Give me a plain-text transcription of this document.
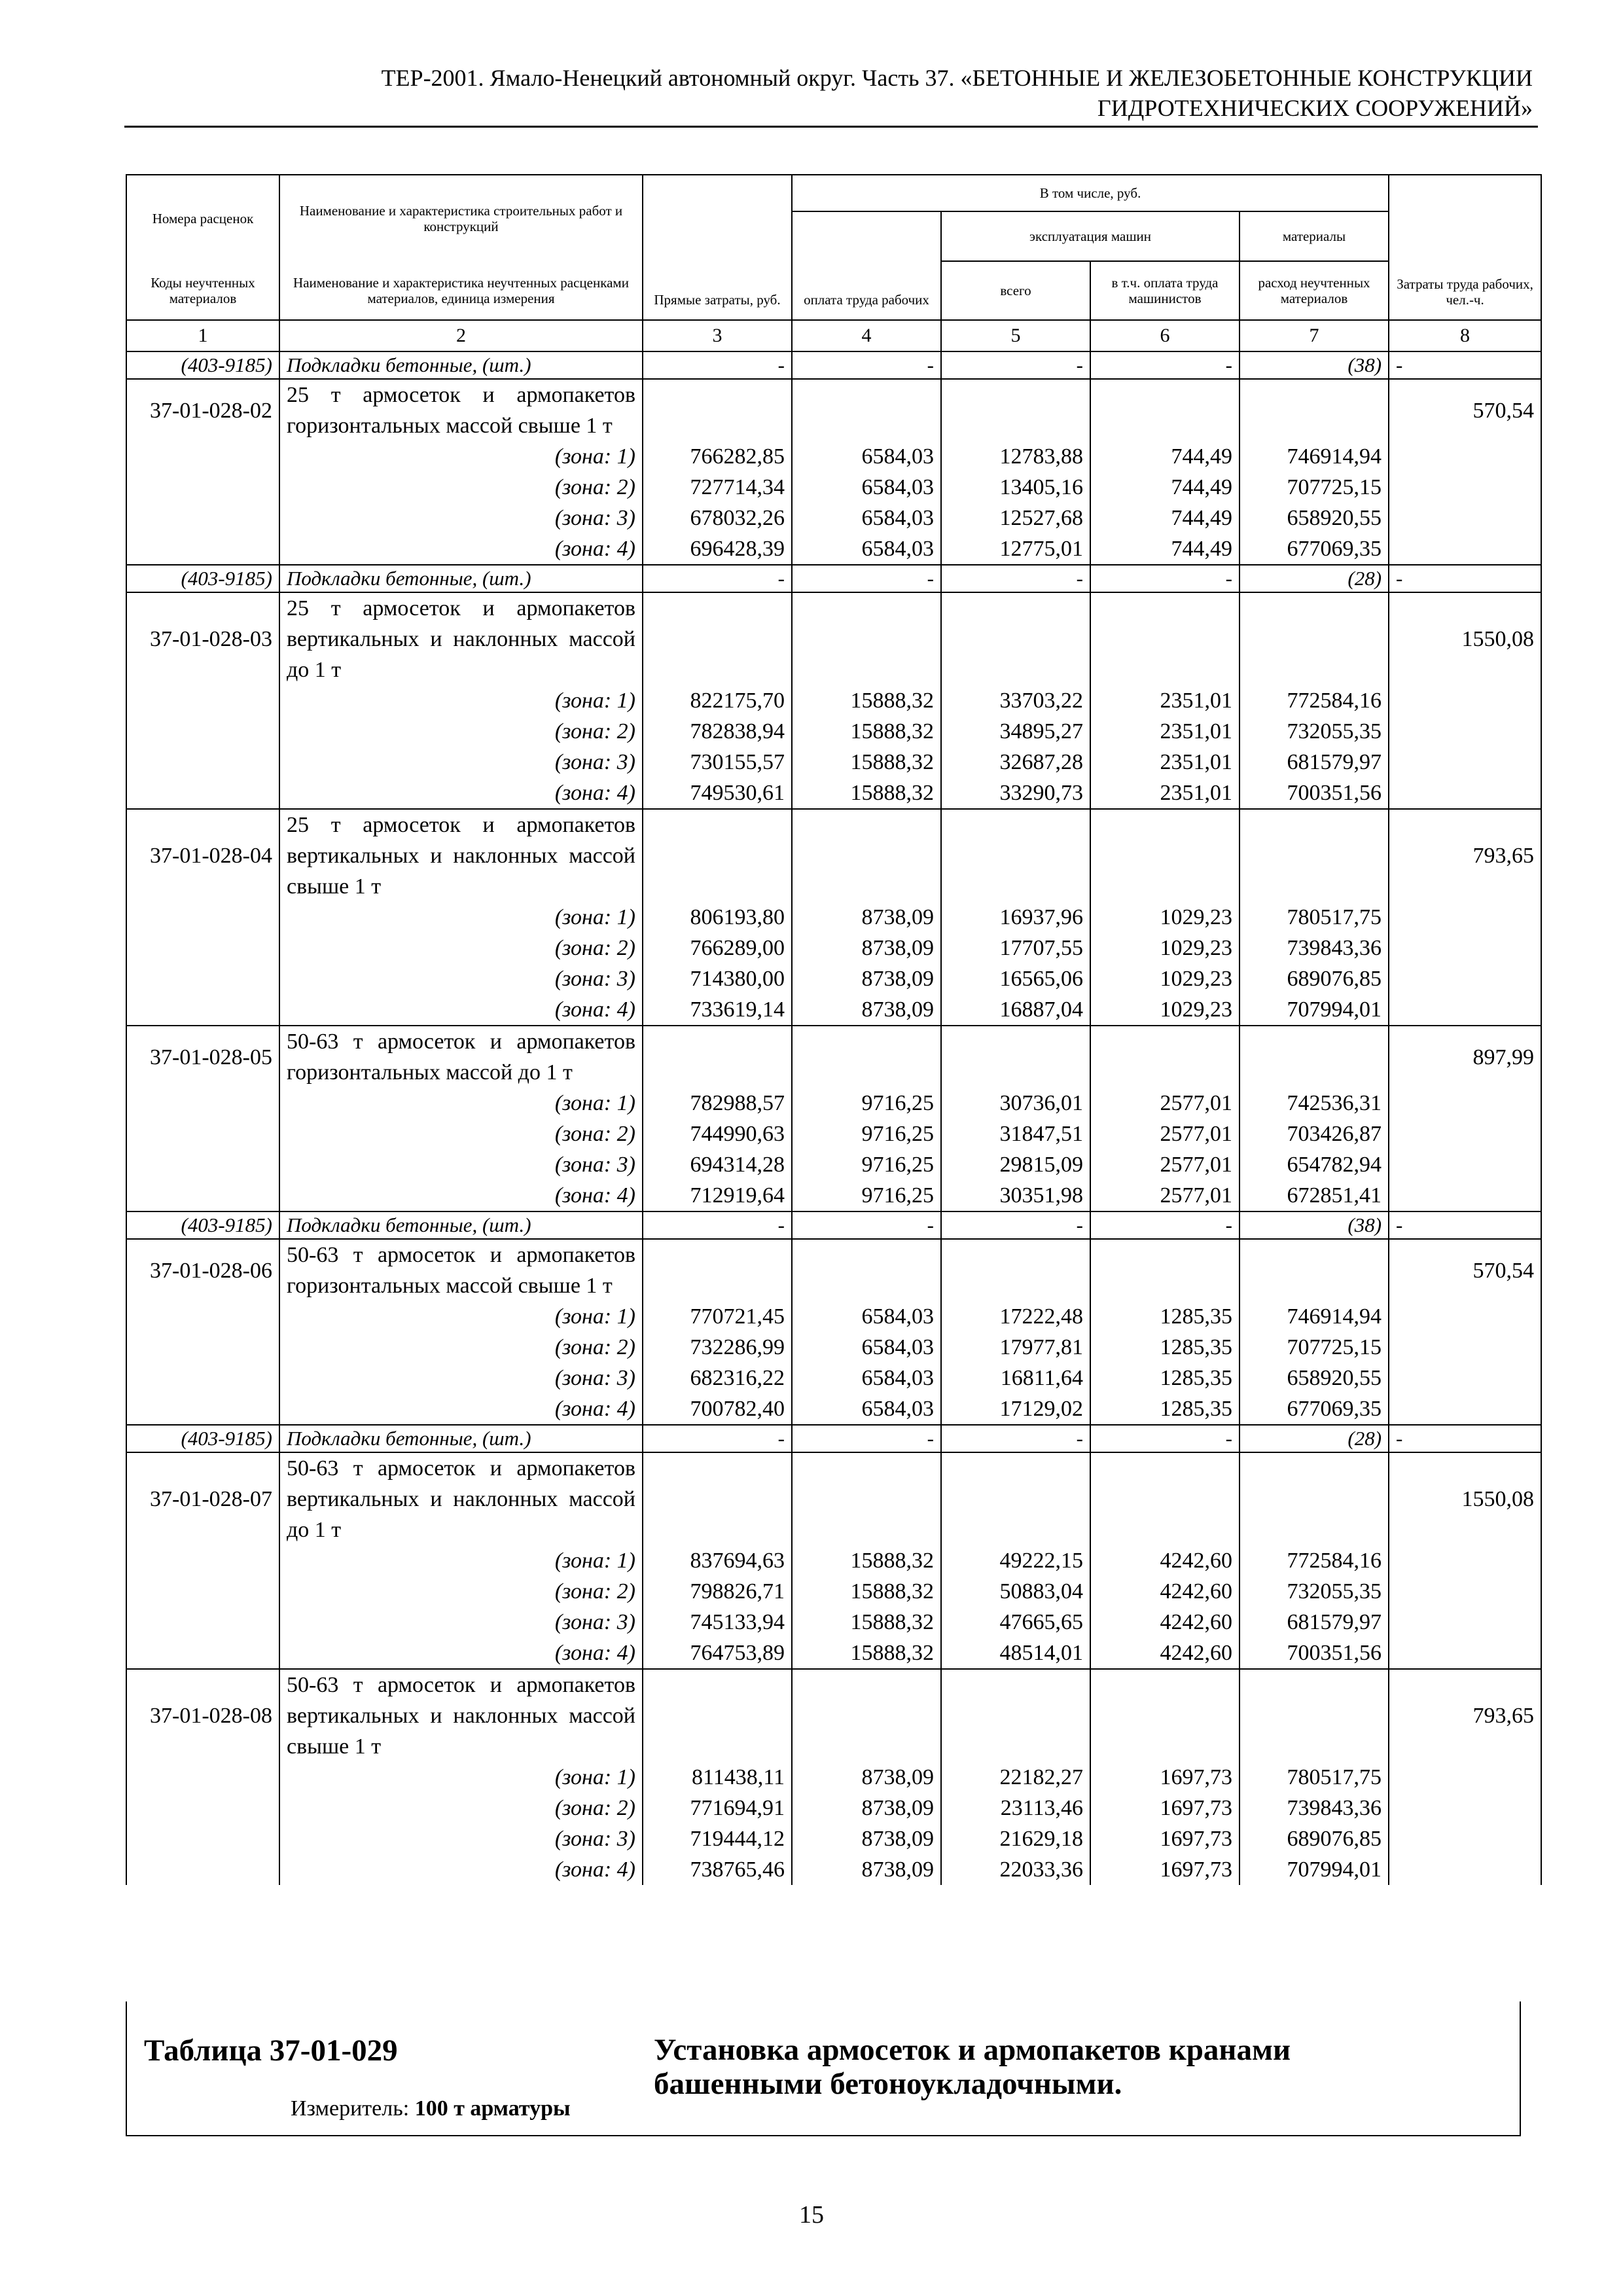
ТЕР-2001. Ямало-Ненецкий автономный округ. Часть 37. «БЕТОННЫЕ И ЖЕЛЕЗОБЕТОННЫЕ КОНСТРУКЦИИ
ГИДРОТЕХНИЧЕСКИХ СООРУЖЕНИЙ»
Номера расценок	Наименование и характеристика строительных работ и конструкций	Прямые затраты, руб.	В том числе, руб.				Затраты труда рабочих, чел.-ч.
			оплата труда рабочих	эксплуатация машин		материалы	
Коды неучтенных материалов	Наименование и характеристика неучтенных расценками материалов, единица измерения			всего	в т.ч. оплата труда машинистов	расход неучтенных материалов	
1	2	3	4	5	6	7	8
(403-9185)	Подкладки бетонные, (шт.)	-	-	-	-	(38)	-
37-01-028-02	25 т армосеток и армопакетов горизонтальных массой свыше 1 т						570,54
	(зона: 1)	766282,85	6584,03	12783,88	744,49	746914,94	
	(зона: 2)	727714,34	6584,03	13405,16	744,49	707725,15	
	(зона: 3)	678032,26	6584,03	12527,68	744,49	658920,55	
	(зона: 4)	696428,39	6584,03	12775,01	744,49	677069,35	
(403-9185)	Подкладки бетонные, (шт.)	-	-	-	-	(28)	-
37-01-028-03	25 т армосеток и армопакетов вертикальных и наклонных массой до 1 т						1550,08
	(зона: 1)	822175,70	15888,32	33703,22	2351,01	772584,16	
	(зона: 2)	782838,94	15888,32	34895,27	2351,01	732055,35	
	(зона: 3)	730155,57	15888,32	32687,28	2351,01	681579,97	
	(зона: 4)	749530,61	15888,32	33290,73	2351,01	700351,56	
37-01-028-04	25 т армосеток и армопакетов вертикальных и наклонных массой свыше 1 т						793,65
	(зона: 1)	806193,80	8738,09	16937,96	1029,23	780517,75	
	(зона: 2)	766289,00	8738,09	17707,55	1029,23	739843,36	
	(зона: 3)	714380,00	8738,09	16565,06	1029,23	689076,85	
	(зона: 4)	733619,14	8738,09	16887,04	1029,23	707994,01	
37-01-028-05	50-63 т армосеток и армопакетов горизонтальных массой до 1 т						897,99
	(зона: 1)	782988,57	9716,25	30736,01	2577,01	742536,31	
	(зона: 2)	744990,63	9716,25	31847,51	2577,01	703426,87	
	(зона: 3)	694314,28	9716,25	29815,09	2577,01	654782,94	
	(зона: 4)	712919,64	9716,25	30351,98	2577,01	672851,41	
(403-9185)	Подкладки бетонные, (шт.)	-	-	-	-	(38)	-
37-01-028-06	50-63 т армосеток и армопакетов горизонтальных массой свыше 1 т						570,54
	(зона: 1)	770721,45	6584,03	17222,48	1285,35	746914,94	
	(зона: 2)	732286,99	6584,03	17977,81	1285,35	707725,15	
	(зона: 3)	682316,22	6584,03	16811,64	1285,35	658920,55	
	(зона: 4)	700782,40	6584,03	17129,02	1285,35	677069,35	
(403-9185)	Подкладки бетонные, (шт.)	-	-	-	-	(28)	-
37-01-028-07	50-63 т армосеток и армопакетов вертикальных и наклонных массой до 1 т						1550,08
	(зона: 1)	837694,63	15888,32	49222,15	4242,60	772584,16	
	(зона: 2)	798826,71	15888,32	50883,04	4242,60	732055,35	
	(зона: 3)	745133,94	15888,32	47665,65	4242,60	681579,97	
	(зона: 4)	764753,89	15888,32	48514,01	4242,60	700351,56	
37-01-028-08	50-63 т армосеток и армопакетов вертикальных и наклонных массой свыше 1 т						793,65
	(зона: 1)	811438,11	8738,09	22182,27	1697,73	780517,75	
	(зона: 2)	771694,91	8738,09	23113,46	1697,73	739843,36	
	(зона: 3)	719444,12	8738,09	21629,18	1697,73	689076,85	
	(зона: 4)	738765,46	8738,09	22033,36	1697,73	707994,01	
Таблица 37-01-029
Измеритель: 100 т арматуры
Установка армосеток и армопакетов кранами башенными бетоноукладочными.
15
